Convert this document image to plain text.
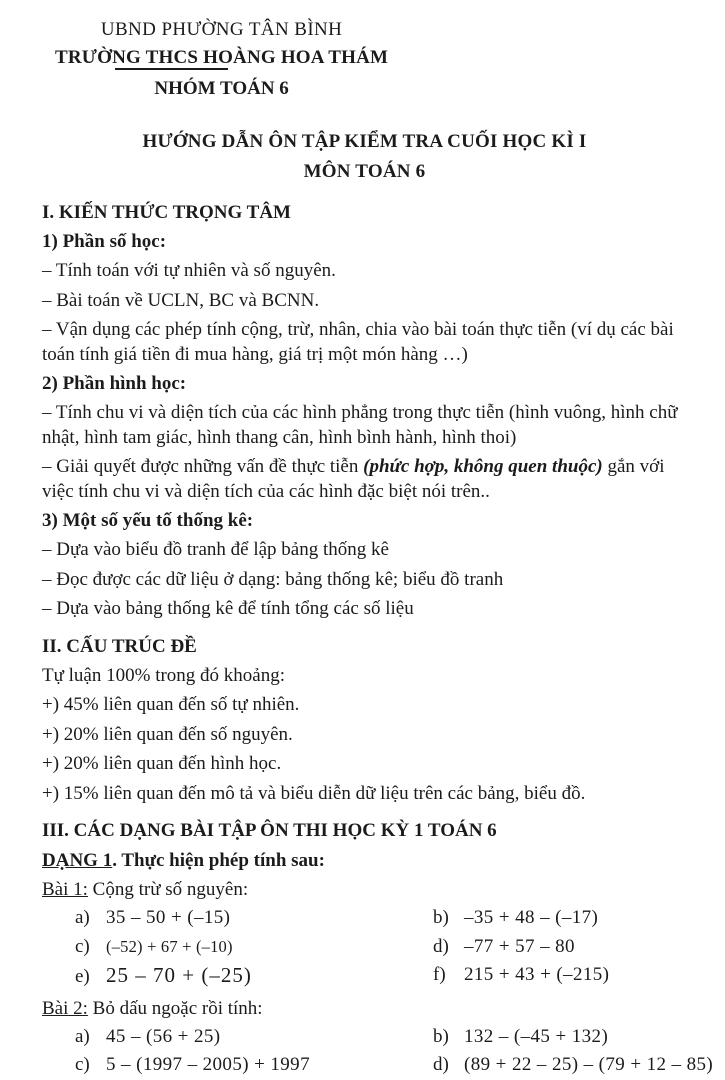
UBND PHƯỜNG TÂN BÌNH
TRƯỜNG THCS HOÀNG HOA THÁM
NHÓM TOÁN 6
HƯỚNG DẪN ÔN TẬP KIỂM TRA CUỐI HỌC KÌ I
MÔN TOÁN 6
I. KIẾN THỨC TRỌNG TÂM
1) Phần số học:

– Tính toán với tự nhiên và số nguyên.

– Bài toán về UCLN, BC và BCNN.

– Vận dụng các phép tính cộng, trừ, nhân, chia vào bài toán thực tiễn (ví dụ các bài toán tính giá tiền đi mua hàng, giá trị một món hàng …)

2) Phần hình học:

– Tính chu vi và diện tích của các hình phẳng trong thực tiễn (hình vuông, hình chữ nhật, hình tam giác, hình thang cân, hình bình hành, hình thoi)

– Giải quyết được những vấn đề thực tiễn (phức hợp, không quen thuộc) gắn với việc tính chu vi và diện tích của các hình đặc biệt nói trên..

3) Một số yếu tố thống kê:

– Dựa vào biểu đồ tranh để lập bảng thống kê

– Đọc được các dữ liệu ở dạng: bảng thống kê; biểu đồ tranh

– Dựa vào bảng thống kê để tính tổng các số liệu

II. CẤU TRÚC ĐỀ

Tự luận 100% trong đó khoảng:

+) 45% liên quan đến số tự nhiên.

+) 20% liên quan đến số nguyên.

+) 20% liên quan đến hình học.

+) 15% liên quan đến mô tả và biểu diễn dữ liệu trên các bảng, biểu đồ.

III. CÁC DẠNG BÀI TẬP ÔN THI HỌC KỲ 1 TOÁN 6
DẠNG 1. Thực hiện phép tính sau:
Bài 1: Cộng trừ số nguyên:
a) 35 – 50 + (–15)	b) –35 + 48 – (–17)
c) (–52) + 67 + (–10)	d) –77 + 57 – 80
e) 25 – 70 + (–25)	f) 215 + 43 + (–215)
Bài 2: Bỏ dấu ngoặc rồi tính:
a) 45 – (56 + 25)	b) 132 – (–45 + 132)
c) 5 – (1997 – 2005) + 1997	d) (89 + 22 – 25) – (79 + 12 – 85)
